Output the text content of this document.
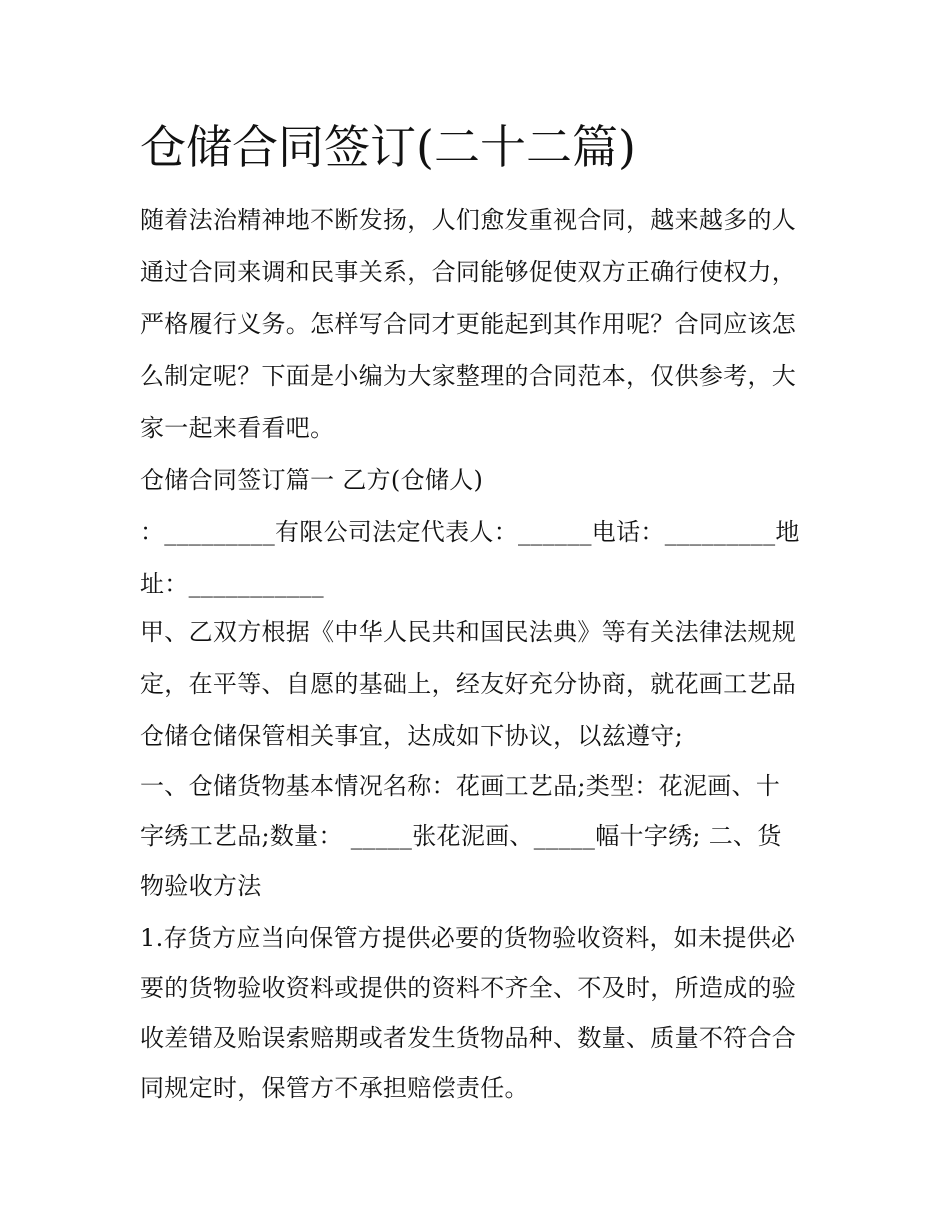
仓储合同签订(二十二篇)

随着法治精神地不断发扬，人们愈发重视合同，越来越多的人

通过合同来调和民事关系，合同能够促使双方正确行使权力，

严格履行义务。怎样写合同才更能起到其作用呢？合同应该怎

么制定呢？下面是小编为大家整理的合同范本，仅供参考，大

家一起来看看吧。

仓储合同签订篇一 乙方(仓储人)

：_________有限公司法定代表人：______电话：_________地

址：___________

甲、乙双方根据《中华人民共和国民法典》等有关法律法规规

定，在平等、自愿的基础上，经友好充分协商，就花画工艺品

仓储仓储保管相关事宜，达成如下协议，以兹遵守;

一、仓储货物基本情况名称：花画工艺品;类型：花泥画、十

字绣工艺品;数量： _____张花泥画、_____幅十字绣; 二、货

物验收方法

1.存货方应当向保管方提供必要的货物验收资料，如未提供必

要的货物验收资料或提供的资料不齐全、不及时，所造成的验

收差错及贻误索赔期或者发生货物品种、数量、质量不符合合

同规定时，保管方不承担赔偿责任。
